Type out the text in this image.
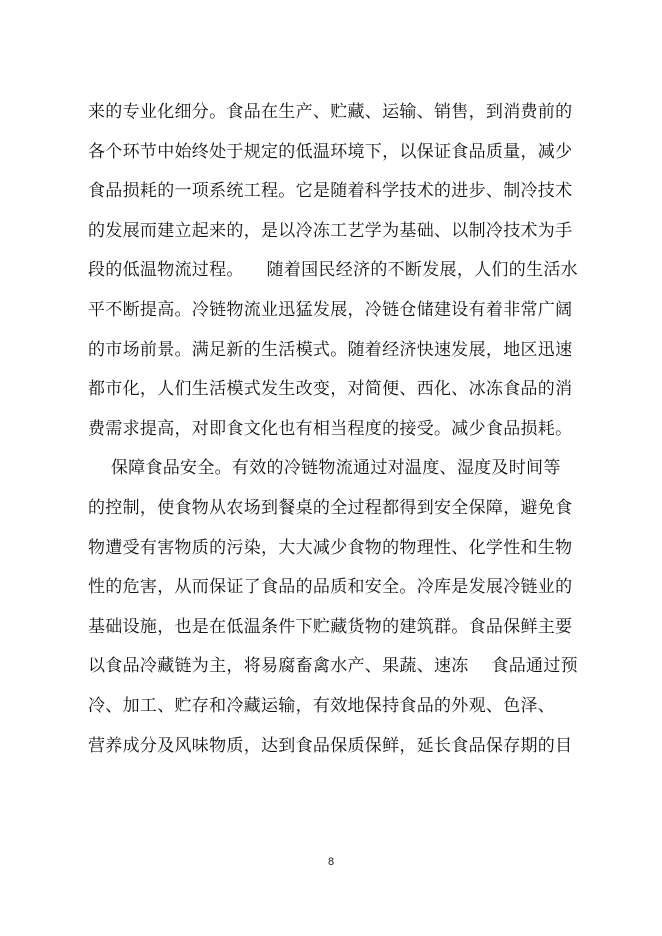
来的专业化细分。食品在生产、贮藏、运输、销售，到消费前的
各个环节中始终处于规定的低温环境下，以保证食品质量，减少
食品损耗的一项系统工程。它是随着科学技术的进步、制冷技术
的发展而建立起来的，是以冷冻工艺学为基础、以制冷技术为手
段的低温物流过程。    随着国民经济的不断发展，人们的生活水
平不断提高。冷链物流业迅猛发展，冷链仓储建设有着非常广阔
的市场前景。满足新的生活模式。随着经济快速发展，地区迅速
都市化，人们生活模式发生改变，对简便、西化、冰冻食品的消
费需求提高，对即食文化也有相当程度的接受。减少食品损耗。
保障食品安全。有效的冷链物流通过对温度、湿度及时间等
的控制，使食物从农场到餐桌的全过程都得到安全保障，避免食
物遭受有害物质的污染，大大减少食物的物理性、化学性和生物
性的危害，从而保证了食品的品质和安全。冷库是发展冷链业的
基础设施，也是在低温条件下贮藏货物的建筑群。食品保鲜主要
以食品冷藏链为主，将易腐畜禽水产、果蔬、速冻    食品通过预
冷、加工、贮存和冷藏运输，有效地保持食品的外观、色泽、
营养成分及风味物质，达到食品保质保鲜，延长食品保存期的目
8
